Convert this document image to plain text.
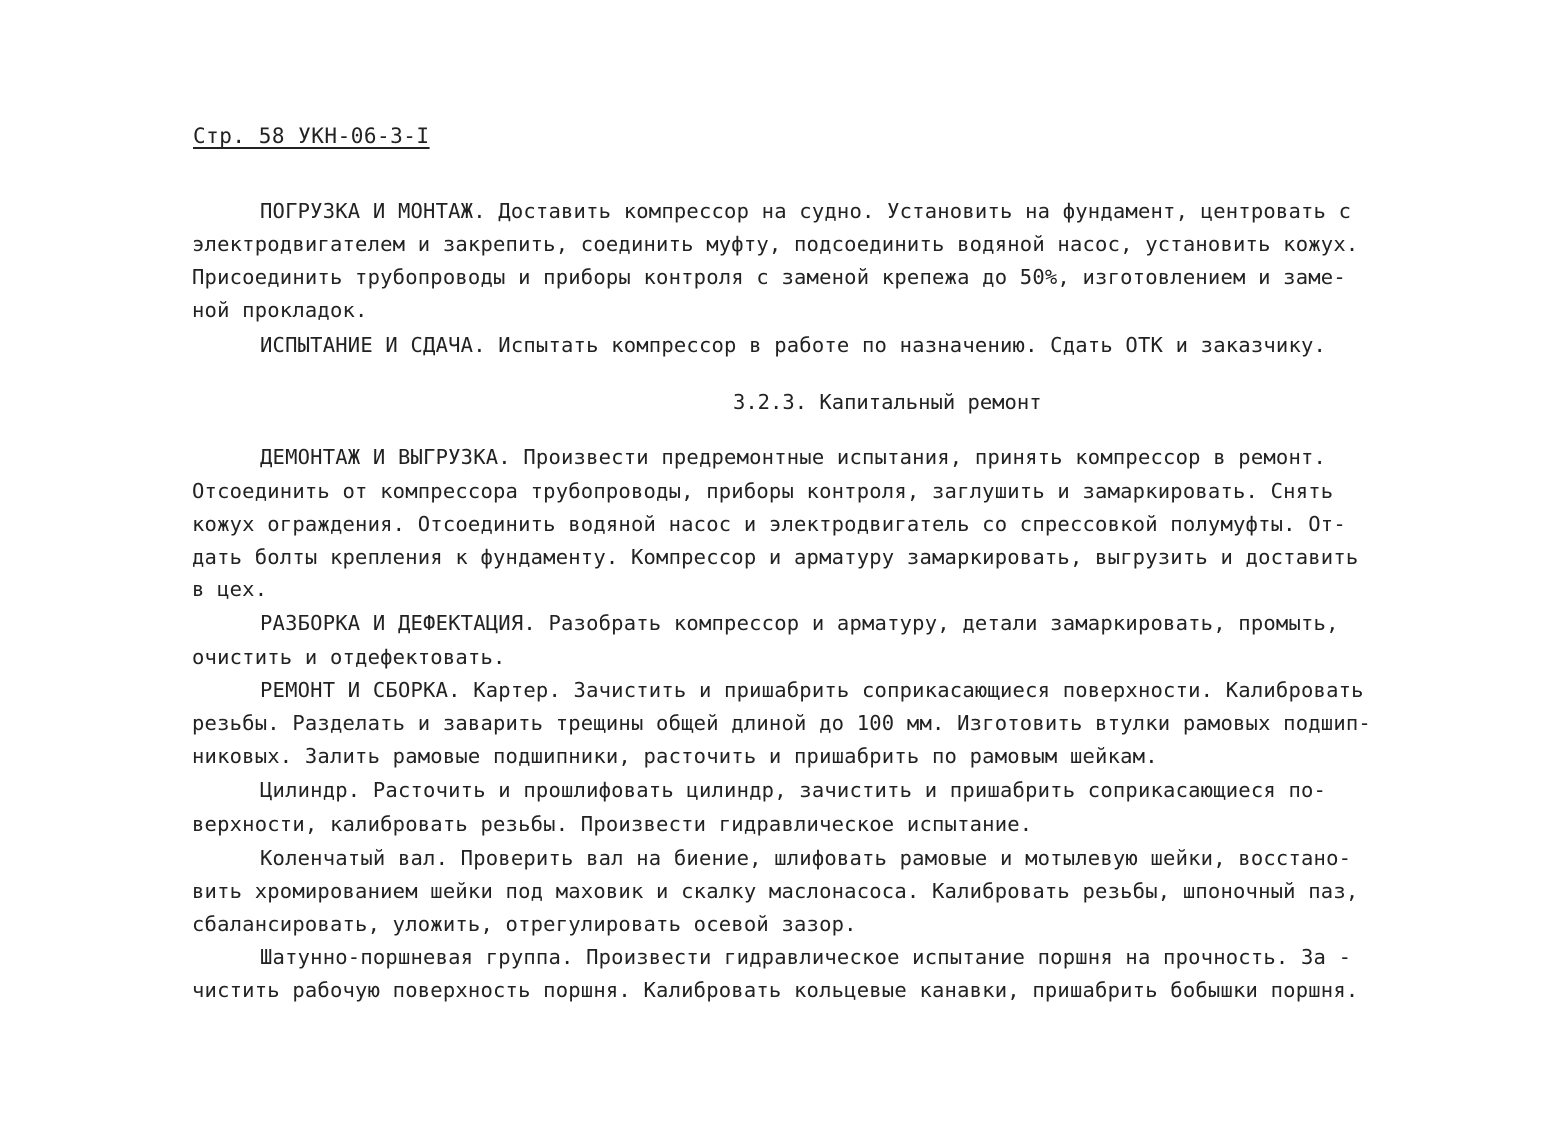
Стр. 58 УКН-06-3-I
ПОГРУЗКА И МОНТАЖ. Доставить компрессор на судно. Установить на фундамент, центровать с
электродвигателем и закрепить, соединить муфту, подсоединить водяной насос, установить кожух.
Присоединить трубопроводы и приборы контроля с заменой крепежа до 50%, изготовлением и заме-
ной прокладок.
ИСПЫТАНИЕ И СДАЧА. Испытать компрессор в работе по назначению. Сдать ОТК и заказчику.
3.2.3. Капитальный ремонт
ДЕМОНТАЖ И ВЫГРУЗКА. Произвести предремонтные испытания, принять компрессор в ремонт.
Отсоединить от компрессора трубопроводы, приборы контроля, заглушить и замаркировать. Снять
кожух ограждения. Отсоединить водяной насос и электродвигатель со спрессовкой полумуфты. От-
дать болты крепления к фундаменту. Компрессор и арматуру замаркировать, выгрузить и доставить
в цех.
РАЗБОРКА И ДЕФЕКТАЦИЯ. Разобрать компрессор и арматуру, детали замаркировать, промыть,
очистить и отдефектовать.
РЕМОНТ И СБОРКА. Картер. Зачистить и пришабрить соприкасающиеся поверхности. Калибровать
резьбы. Разделать и заварить трещины общей длиной до 100 мм. Изготовить втулки рамовых подшип-
никовых. Залить рамовые подшипники, расточить и пришабрить по рамовым шейкам.
Цилиндр. Расточить и прошлифовать цилиндр, зачистить и пришабрить соприкасающиеся по-
верхности, калибровать резьбы. Произвести гидравлическое испытание.
Коленчатый вал. Проверить вал на биение, шлифовать рамовые и мотылевую шейки, восстано-
вить хромированием шейки под маховик и скалку маслонасоса. Калибровать резьбы, шпоночный паз,
сбалансировать, уложить, отрегулировать осевой зазор.
Шатунно-поршневая группа. Произвести гидравлическое испытание поршня на прочность. За -
чистить рабочую поверхность поршня. Калибровать кольцевые канавки, пришабрить бобышки поршня.
